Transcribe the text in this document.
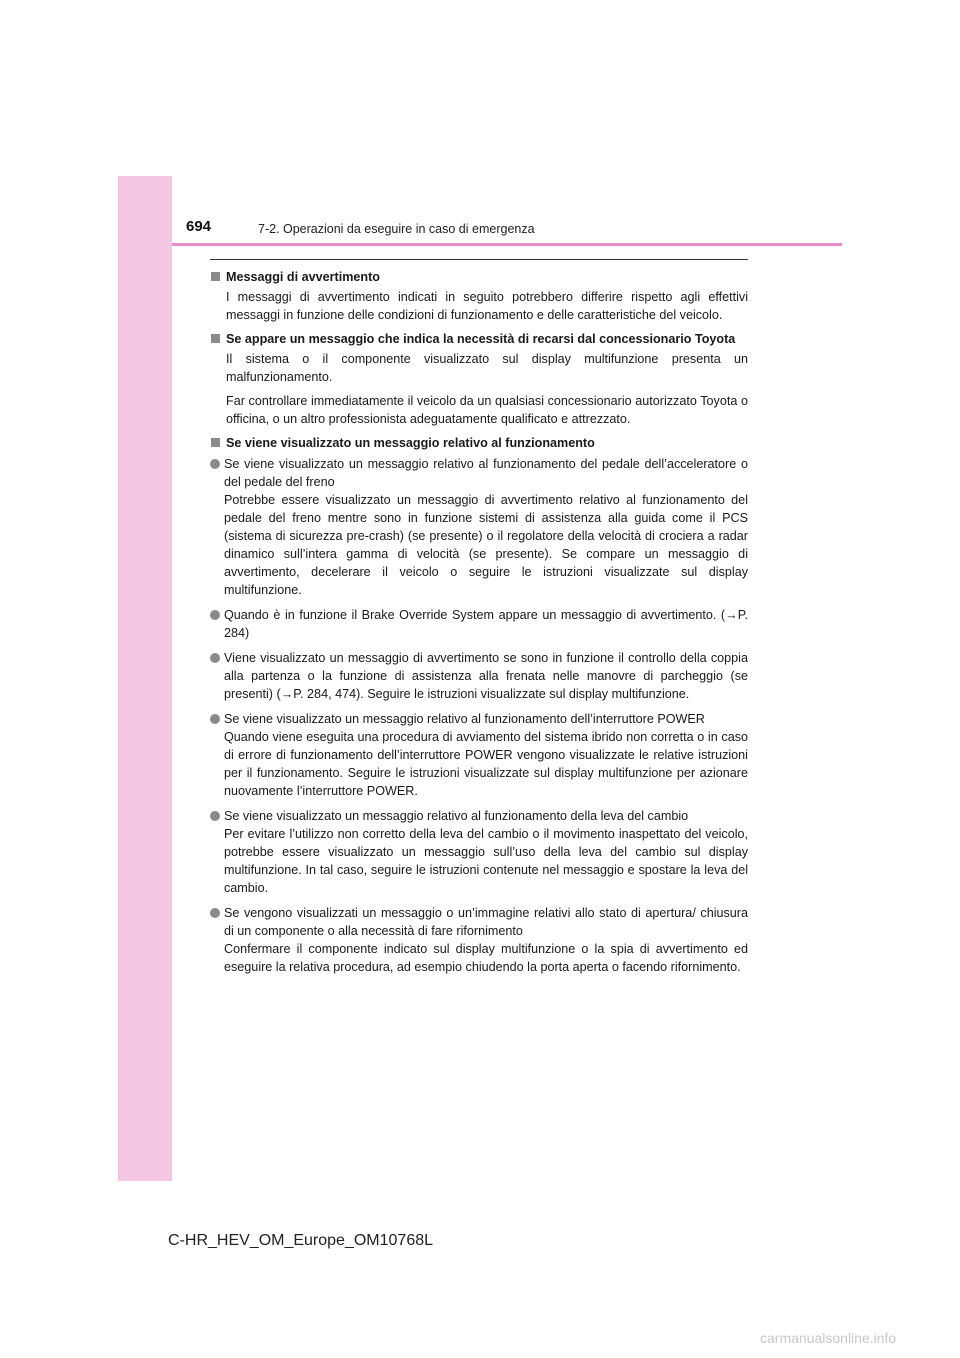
694	7-2. Operazioni da eseguire in caso di emergenza
Messaggi di avvertimento
I messaggi di avvertimento indicati in seguito potrebbero differire rispetto agli effettivi messaggi in funzione delle condizioni di funzionamento e delle caratteristiche del veicolo.
Se appare un messaggio che indica la necessità di recarsi dal concessionario Toyota
Il sistema o il componente visualizzato sul display multifunzione presenta un malfunzionamento.
Far controllare immediatamente il veicolo da un qualsiasi concessionario autorizzato Toyota o officina, o un altro professionista adeguatamente qualificato e attrezzato.
Se viene visualizzato un messaggio relativo al funzionamento
Se viene visualizzato un messaggio relativo al funzionamento del pedale dell’acceleratore o del pedale del freno
Potrebbe essere visualizzato un messaggio di avvertimento relativo al funzionamento del pedale del freno mentre sono in funzione sistemi di assistenza alla guida come il PCS (sistema di sicurezza pre-crash) (se presente) o il regolatore della velocità di crociera a radar dinamico sull’intera gamma di velocità (se presente). Se compare un messaggio di avvertimento, decelerare il veicolo o seguire le istruzioni visualizzate sul display multifunzione.
Quando è in funzione il Brake Override System appare un messaggio di avvertimento. (→P. 284)
Viene visualizzato un messaggio di avvertimento se sono in funzione il controllo della coppia alla partenza o la funzione di assistenza alla frenata nelle manovre di parcheggio (se presenti) (→P. 284, 474). Seguire le istruzioni visualizzate sul display multifunzione.
Se viene visualizzato un messaggio relativo al funzionamento dell’interruttore POWER
Quando viene eseguita una procedura di avviamento del sistema ibrido non corretta o in caso di errore di funzionamento dell’interruttore POWER vengono visualizzate le relative istruzioni per il funzionamento. Seguire le istruzioni visualizzate sul display multifunzione per azionare nuovamente l’interruttore POWER.
Se viene visualizzato un messaggio relativo al funzionamento della leva del cambio
Per evitare l’utilizzo non corretto della leva del cambio o il movimento inaspettato del veicolo, potrebbe essere visualizzato un messaggio sull’uso della leva del cambio sul display multifunzione. In tal caso, seguire le istruzioni contenute nel messaggio e spostare la leva del cambio.
Se vengono visualizzati un messaggio o un’immagine relativi allo stato di apertura/ chiusura di un componente o alla necessità di fare rifornimento
Confermare il componente indicato sul display multifunzione o la spia di avvertimento ed eseguire la relativa procedura, ad esempio chiudendo la porta aperta o facendo rifornimento.
C-HR_HEV_OM_Europe_OM10768L
carmanualsonline.info
